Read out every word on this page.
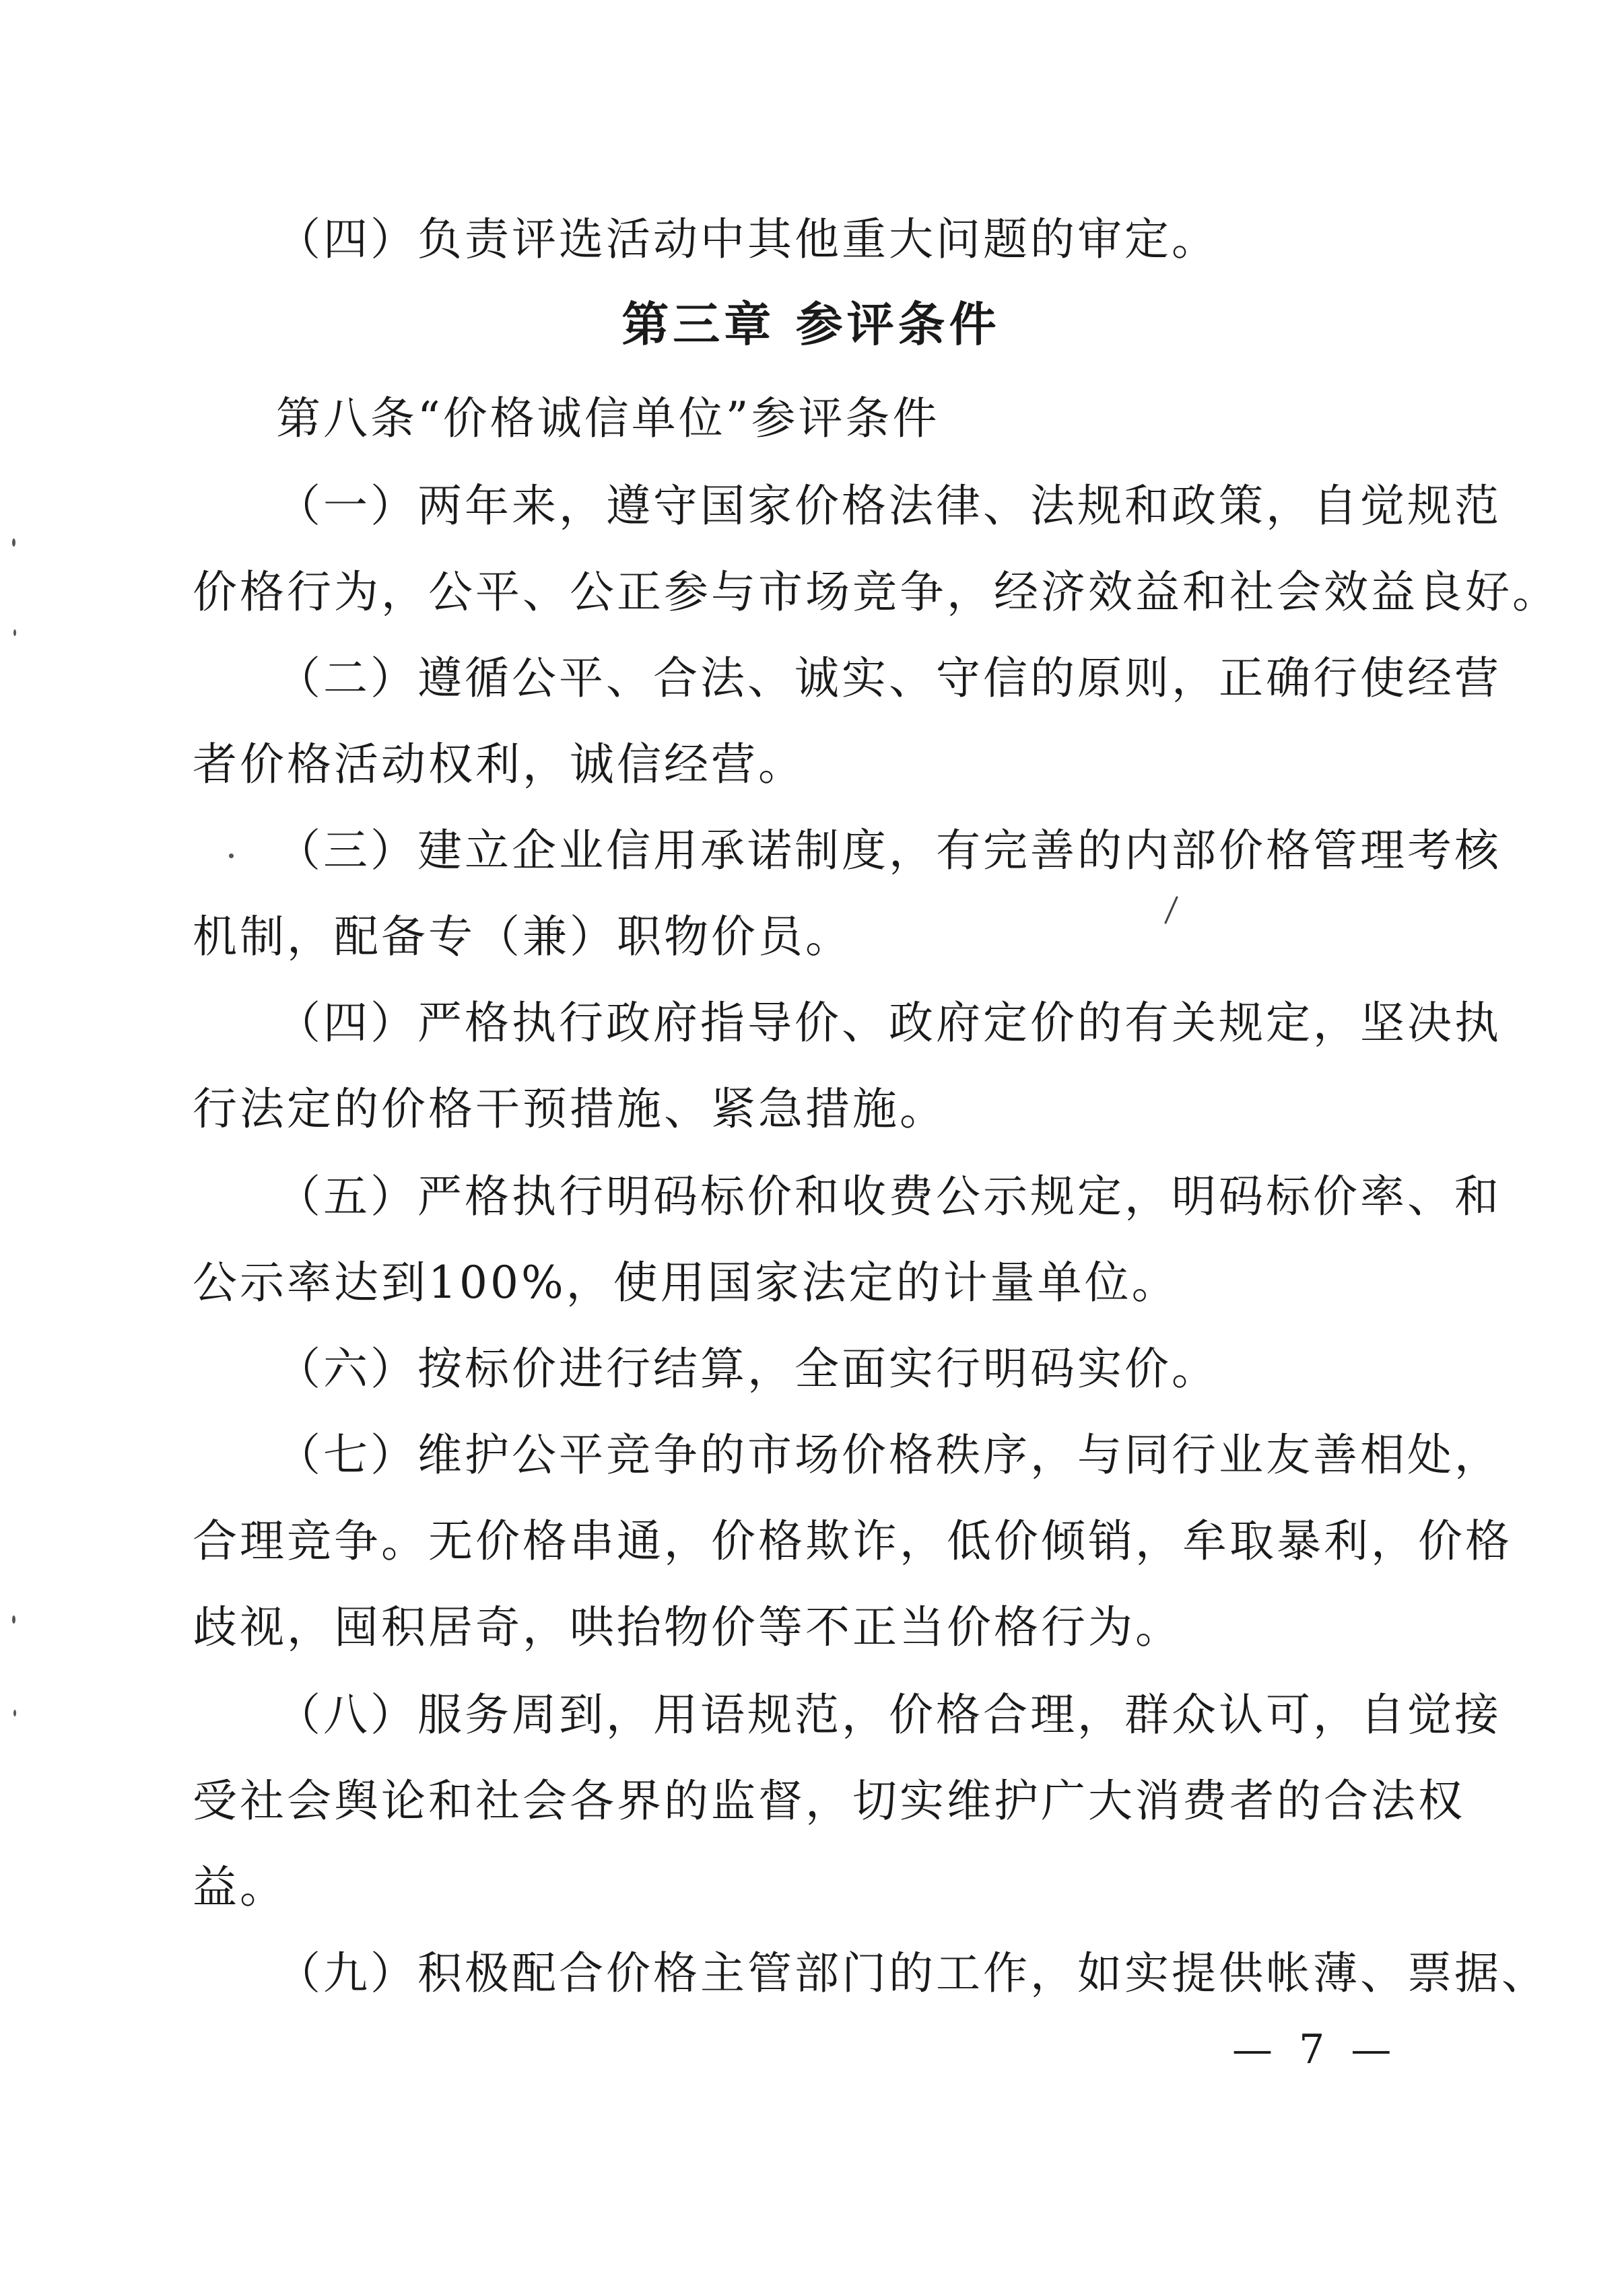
（四）负责评选活动中其他重大问题的审定。
第三章 参评条件
第八条“价格诚信单位”参评条件
（一）两年来，遵守国家价格法律、法规和政策，自觉规范
价格行为，公平、公正参与市场竞争，经济效益和社会效益良好。
（二）遵循公平、合法、诚实、守信的原则，正确行使经营
者价格活动权利，诚信经营。
（三）建立企业信用承诺制度，有完善的内部价格管理考核
机制，配备专（兼）职物价员。
（四）严格执行政府指导价、政府定价的有关规定，坚决执
行法定的价格干预措施、紧急措施。
（五）严格执行明码标价和收费公示规定，明码标价率、和
公示率达到100%，使用国家法定的计量单位。
（六）按标价进行结算，全面实行明码实价。
（七）维护公平竞争的市场价格秩序，与同行业友善相处，
合理竞争。无价格串通，价格欺诈，低价倾销，牟取暴利，价格
歧视，囤积居奇，哄抬物价等不正当价格行为。
（八）服务周到，用语规范，价格合理，群众认可，自觉接
受社会舆论和社会各界的监督，切实维护广大消费者的合法权
益。
（九）积极配合价格主管部门的工作，如实提供帐薄、票据、
— 7 —
